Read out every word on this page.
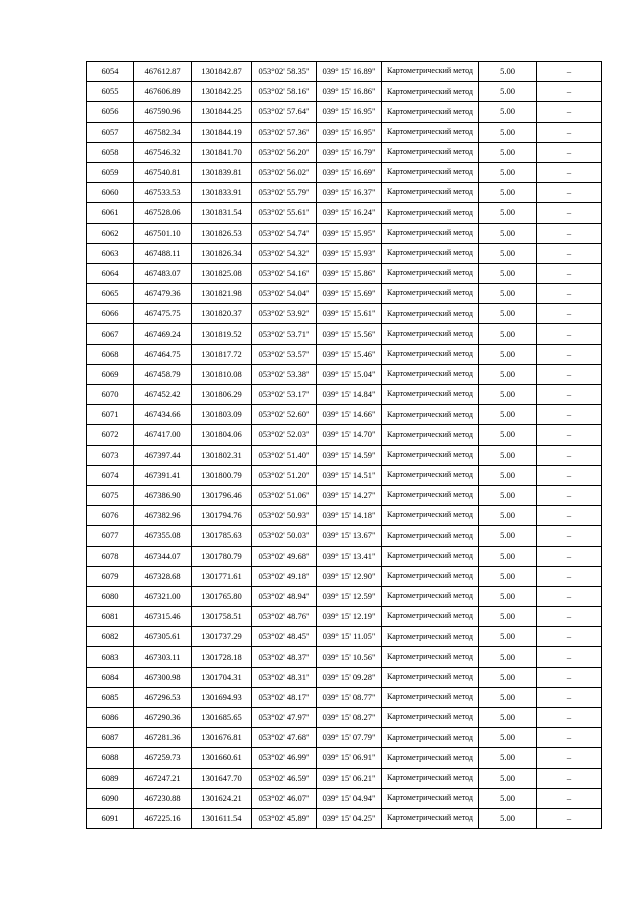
6054	467612.87	1301842.87	053°02' 58.35"	039° 15' 16.89"	Картометрический метод	5.00	–
6055	467606.89	1301842.25	053°02' 58.16"	039° 15' 16.86"	Картометрический метод	5.00	–
6056	467590.96	1301844.25	053°02' 57.64"	039° 15' 16.95"	Картометрический метод	5.00	–
6057	467582.34	1301844.19	053°02' 57.36"	039° 15' 16.95"	Картометрический метод	5.00	–
6058	467546.32	1301841.70	053°02' 56.20"	039° 15' 16.79"	Картометрический метод	5.00	–
6059	467540.81	1301839.81	053°02' 56.02"	039° 15' 16.69"	Картометрический метод	5.00	–
6060	467533.53	1301833.91	053°02' 55.79"	039° 15' 16.37"	Картометрический метод	5.00	–
6061	467528.06	1301831.54	053°02' 55.61"	039° 15' 16.24"	Картометрический метод	5.00	–
6062	467501.10	1301826.53	053°02' 54.74"	039° 15' 15.95"	Картометрический метод	5.00	–
6063	467488.11	1301826.34	053°02' 54.32"	039° 15' 15.93"	Картометрический метод	5.00	–
6064	467483.07	1301825.08	053°02' 54.16"	039° 15' 15.86"	Картометрический метод	5.00	–
6065	467479.36	1301821.98	053°02' 54.04"	039° 15' 15.69"	Картометрический метод	5.00	–
6066	467475.75	1301820.37	053°02' 53.92"	039° 15' 15.61"	Картометрический метод	5.00	–
6067	467469.24	1301819.52	053°02' 53.71"	039° 15' 15.56"	Картометрический метод	5.00	–
6068	467464.75	1301817.72	053°02' 53.57"	039° 15' 15.46"	Картометрический метод	5.00	–
6069	467458.79	1301810.08	053°02' 53.38"	039° 15' 15.04"	Картометрический метод	5.00	–
6070	467452.42	1301806.29	053°02' 53.17"	039° 15' 14.84"	Картометрический метод	5.00	–
6071	467434.66	1301803.09	053°02' 52.60"	039° 15' 14.66"	Картометрический метод	5.00	–
6072	467417.00	1301804.06	053°02' 52.03"	039° 15' 14.70"	Картометрический метод	5.00	–
6073	467397.44	1301802.31	053°02' 51.40"	039° 15' 14.59"	Картометрический метод	5.00	–
6074	467391.41	1301800.79	053°02' 51.20"	039° 15' 14.51"	Картометрический метод	5.00	–
6075	467386.90	1301796.46	053°02' 51.06"	039° 15' 14.27"	Картометрический метод	5.00	–
6076	467382.96	1301794.76	053°02' 50.93"	039° 15' 14.18"	Картометрический метод	5.00	–
6077	467355.08	1301785.63	053°02' 50.03"	039° 15' 13.67"	Картометрический метод	5.00	–
6078	467344.07	1301780.79	053°02' 49.68"	039° 15' 13.41"	Картометрический метод	5.00	–
6079	467328.68	1301771.61	053°02' 49.18"	039° 15' 12.90"	Картометрический метод	5.00	–
6080	467321.00	1301765.80	053°02' 48.94"	039° 15' 12.59"	Картометрический метод	5.00	–
6081	467315.46	1301758.51	053°02' 48.76"	039° 15' 12.19"	Картометрический метод	5.00	–
6082	467305.61	1301737.29	053°02' 48.45"	039° 15' 11.05"	Картометрический метод	5.00	–
6083	467303.11	1301728.18	053°02' 48.37"	039° 15' 10.56"	Картометрический метод	5.00	–
6084	467300.98	1301704.31	053°02' 48.31"	039° 15' 09.28"	Картометрический метод	5.00	–
6085	467296.53	1301694.93	053°02' 48.17"	039° 15' 08.77"	Картометрический метод	5.00	–
6086	467290.36	1301685.65	053°02' 47.97"	039° 15' 08.27"	Картометрический метод	5.00	–
6087	467281.36	1301676.81	053°02' 47.68"	039° 15' 07.79"	Картометрический метод	5.00	–
6088	467259.73	1301660.61	053°02' 46.99"	039° 15' 06.91"	Картометрический метод	5.00	–
6089	467247.21	1301647.70	053°02' 46.59"	039° 15' 06.21"	Картометрический метод	5.00	–
6090	467230.88	1301624.21	053°02' 46.07"	039° 15' 04.94"	Картометрический метод	5.00	–
6091	467225.16	1301611.54	053°02' 45.89"	039° 15' 04.25"	Картометрический метод	5.00	–
